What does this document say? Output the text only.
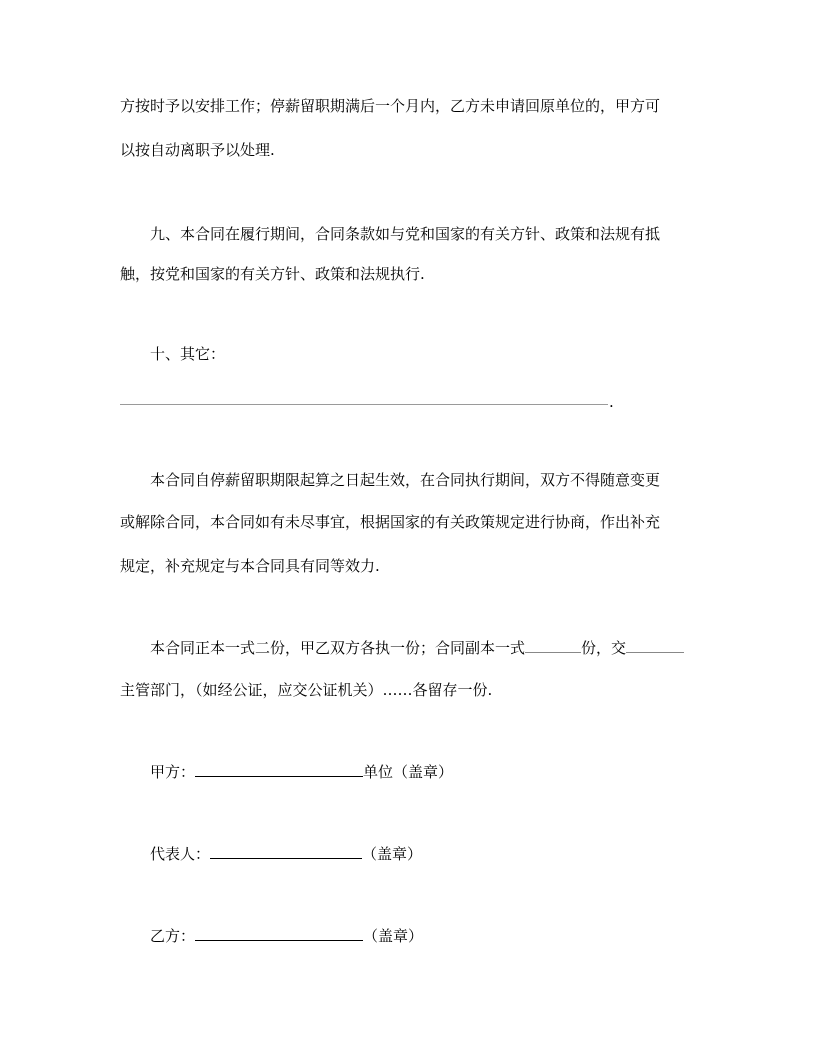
方按时予以安排工作；停薪留职期满后一个月内，乙方未申请回原单位的，甲方可
以按自动离职予以处理.
九、本合同在履行期间，合同条款如与党和国家的有关方针、政策和法规有抵
触，按党和国家的有关方针、政策和法规执行.
十、其它：
.
本合同自停薪留职期限起算之日起生效，在合同执行期间，双方不得随意变更
或解除合同，本合同如有未尽事宜，根据国家的有关政策规定进行协商，作出补充
规定，补充规定与本合同具有同等效力.
本合同正本一式二份，甲乙双方各执一份；合同副本一式	份，交
主管部门，（如经公证，应交公证机关）……各留存一份.
甲方：	单位（盖章）
代表人：	（盖章）
乙方：	（盖章）
